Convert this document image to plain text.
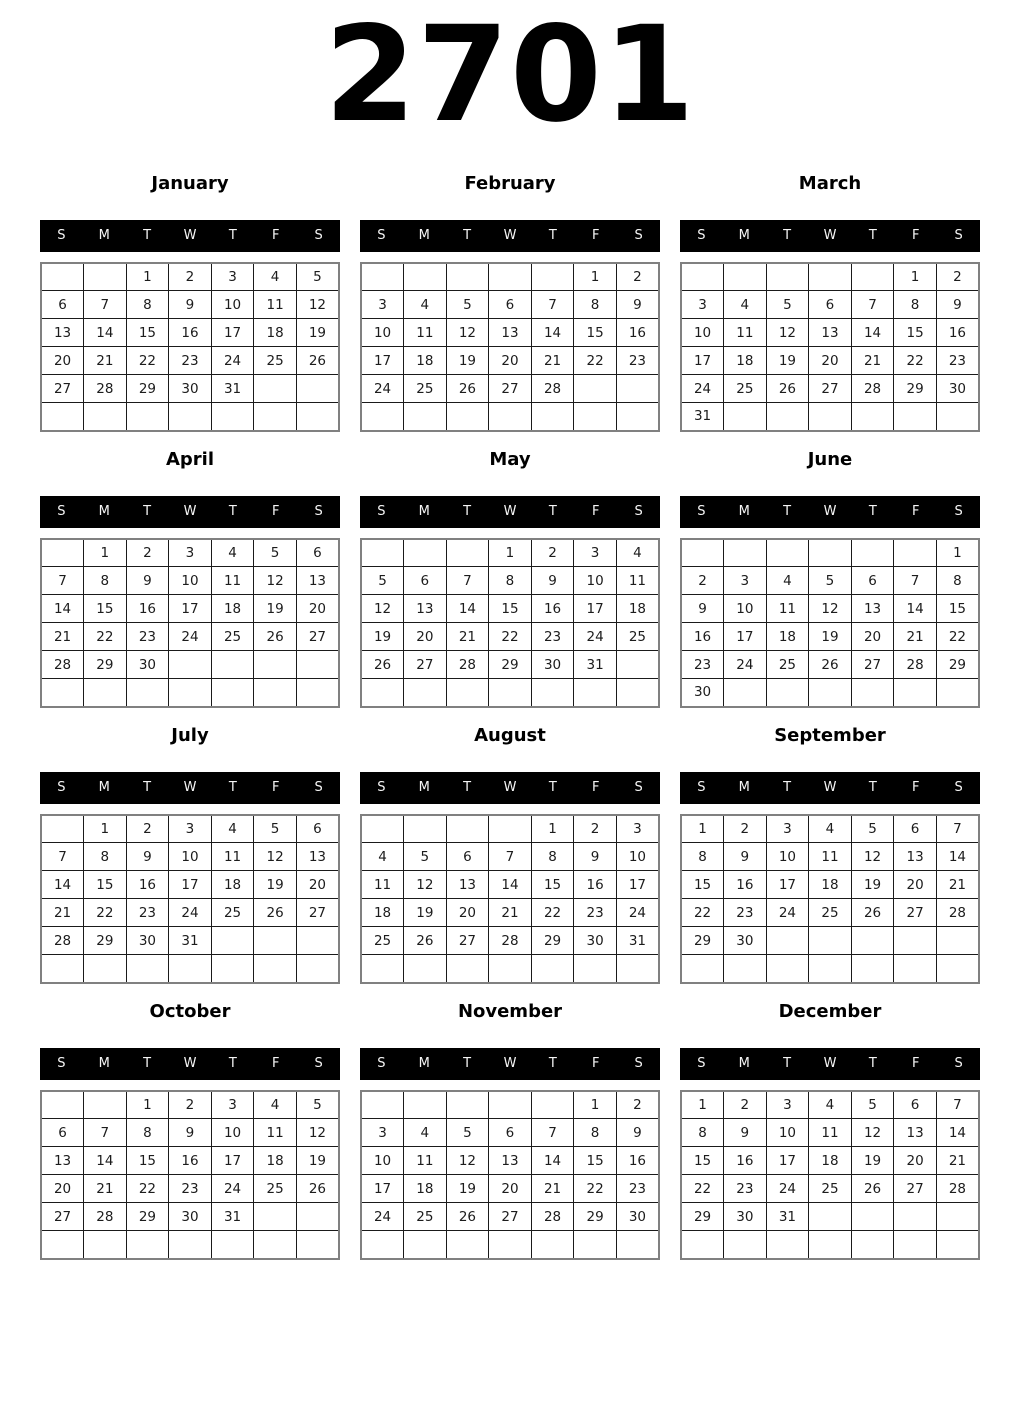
2701
January
S	M	T	W	T	F	S
		1	2	3	4	5
6	7	8	9	10	11	12
13	14	15	16	17	18	19
20	21	22	23	24	25	26
27	28	29	30	31		

February
S	M	T	W	T	F	S
					1	2
3	4	5	6	7	8	9
10	11	12	13	14	15	16
17	18	19	20	21	22	23
24	25	26	27	28		

March
S	M	T	W	T	F	S
					1	2
3	4	5	6	7	8	9
10	11	12	13	14	15	16
17	18	19	20	21	22	23
24	25	26	27	28	29	30
31						
April
S	M	T	W	T	F	S
	1	2	3	4	5	6
7	8	9	10	11	12	13
14	15	16	17	18	19	20
21	22	23	24	25	26	27
28	29	30				

May
S	M	T	W	T	F	S
			1	2	3	4
5	6	7	8	9	10	11
12	13	14	15	16	17	18
19	20	21	22	23	24	25
26	27	28	29	30	31	

June
S	M	T	W	T	F	S
						1
2	3	4	5	6	7	8
9	10	11	12	13	14	15
16	17	18	19	20	21	22
23	24	25	26	27	28	29
30						
July
S	M	T	W	T	F	S
	1	2	3	4	5	6
7	8	9	10	11	12	13
14	15	16	17	18	19	20
21	22	23	24	25	26	27
28	29	30	31			

August
S	M	T	W	T	F	S
				1	2	3
4	5	6	7	8	9	10
11	12	13	14	15	16	17
18	19	20	21	22	23	24
25	26	27	28	29	30	31

September
S	M	T	W	T	F	S
1	2	3	4	5	6	7
8	9	10	11	12	13	14
15	16	17	18	19	20	21
22	23	24	25	26	27	28
29	30					

October
S	M	T	W	T	F	S
		1	2	3	4	5
6	7	8	9	10	11	12
13	14	15	16	17	18	19
20	21	22	23	24	25	26
27	28	29	30	31		

November
S	M	T	W	T	F	S
					1	2
3	4	5	6	7	8	9
10	11	12	13	14	15	16
17	18	19	20	21	22	23
24	25	26	27	28	29	30

December
S	M	T	W	T	F	S
1	2	3	4	5	6	7
8	9	10	11	12	13	14
15	16	17	18	19	20	21
22	23	24	25	26	27	28
29	30	31				
